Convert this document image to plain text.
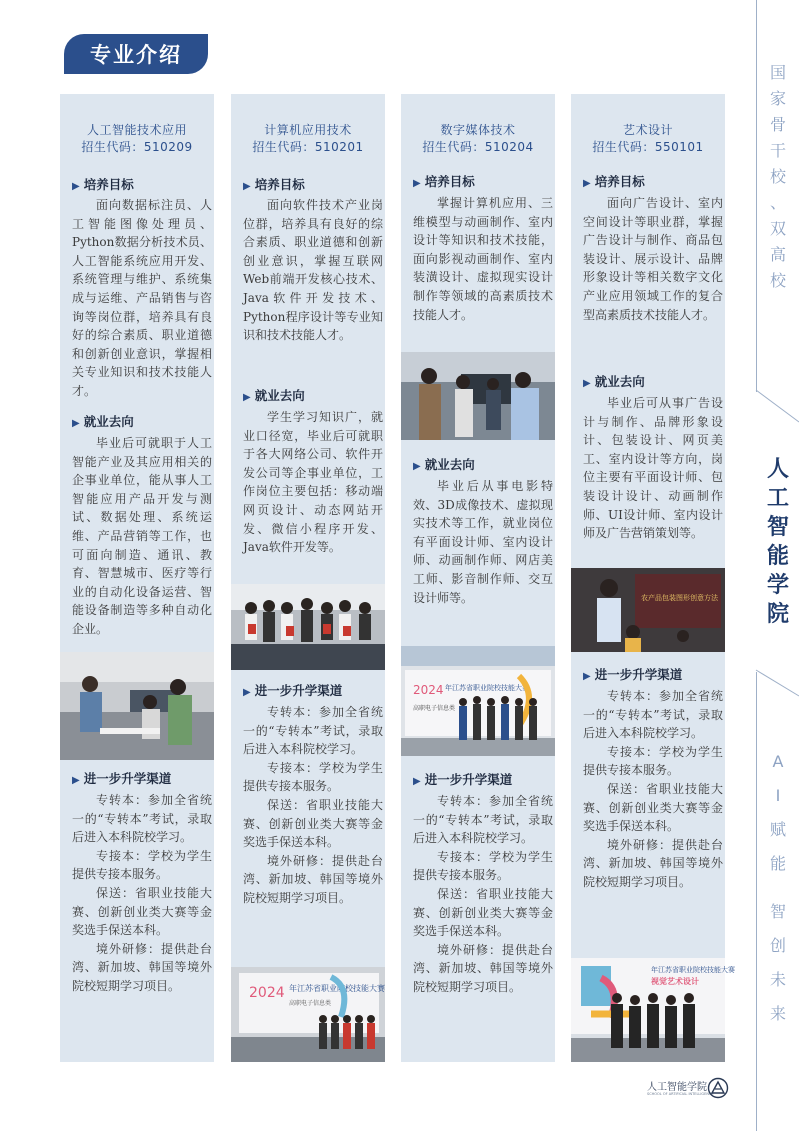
专业介绍
国
家
骨
干
校
、
双
高
校
人
工
智
能
学
院
A
I
赋
能
智
创
未
来
人工智能技术应用
招生代码：510209
▶ 培养目标

面向数据标注员、人工智能图像处理员、Python数据分析技术员、人工智能系统应用开发、系统管理与维护、系统集成与运维、产品销售与咨询等岗位群，培养具有良好的综合素质、职业道德和创新创业意识，掌握相关专业知识和技术技能人才。

▶ 就业去向

毕业后可就职于人工智能产业及其应用相关的企事业单位，能从事人工智能应用产品开发与测试、数据处理、系统运维、产品营销等工作，也可面向制造、通讯、教育、智慧城市、医疗等行业的自动化设备运营、智能设备制造等多种自动化企业。

▶ 进一步升学渠道

专转本：参加全省统一的“专转本”考试，录取后进入本科院校学习。

专接本：学校为学生提供专接本服务。

保送：省职业技能大赛、创新创业类大赛等金奖选手保送本科。

境外研修：提供赴台湾、新加坡、韩国等境外院校短期学习项目。

计算机应用技术
招生代码：510201
▶ 培养目标

面向软件技术产业岗位群，培养具有良好的综合素质、职业道德和创新创业意识，掌握互联网Web前端开发核心技术、Java软件开发技术、Python程序设计等专业知识和技术技能人才。

▶ 就业去向

学生学习知识广，就业口径宽，毕业后可就职于各大网络公司、软件开发公司等企事业单位，工作岗位主要包括：移动端网页设计、动态网站开发、微信小程序开发、Java软件开发等。

▶ 进一步升学渠道

专转本：参加全省统一的“专转本”考试，录取后进入本科院校学习。

专接本：学校为学生提供专接本服务。

保送：省职业技能大赛、创新创业类大赛等金奖选手保送本科。

境外研修：提供赴台湾、新加坡、韩国等境外院校短期学习项目。

2024 年江苏省职业院校技能大赛
高职电子信息类
数字媒体技术
招生代码：510204
▶ 培养目标

掌握计算机应用、三维模型与动画制作、室内设计等知识和技术技能，面向影视动画制作、室内装潢设计、虚拟现实设计制作等领域的高素质技术技能人才。

▶ 就业去向

毕业后从事电影特效、3D成像技术、虚拟现实技术等工作，就业岗位有平面设计师、室内设计师、动画制作师、网店美工师、影音制作师、交互设计师等。

2024 年江苏省职业院校技能大赛
高职电子信息类
▶ 进一步升学渠道

专转本：参加全省统一的“专转本”考试，录取后进入本科院校学习。

专接本：学校为学生提供专接本服务。

保送：省职业技能大赛、创新创业类大赛等金奖选手保送本科。

境外研修：提供赴台湾、新加坡、韩国等境外院校短期学习项目。

艺术设计
招生代码：550101
▶ 培养目标

面向广告设计、室内空间设计等职业群，掌握广告设计与制作、商品包装设计、展示设计、品牌形象设计等相关数字文化产业应用领域工作的复合型高素质技术技能人才。

▶ 就业去向

毕业后可从事广告设计与制作、品牌形象设计、包装设计、网页美工、室内设计等方向，岗位主要有平面设计师、包装设计设计、动画制作师、UI设计师、室内设计师及广告营销策划等。

农产品包装图形创意方法
▶ 进一步升学渠道

专转本：参加全省统一的“专转本”考试，录取后进入本科院校学习。

专接本：学校为学生提供专接本服务。

保送：省职业技能大赛、创新创业类大赛等金奖选手保送本科。

境外研修：提供赴台湾、新加坡、韩国等境外院校短期学习项目。

年江苏省职业院校技能大赛
视觉艺术设计
人工智能学院
SCHOOL OF ARTIFICIAL INTELLIGENCE
